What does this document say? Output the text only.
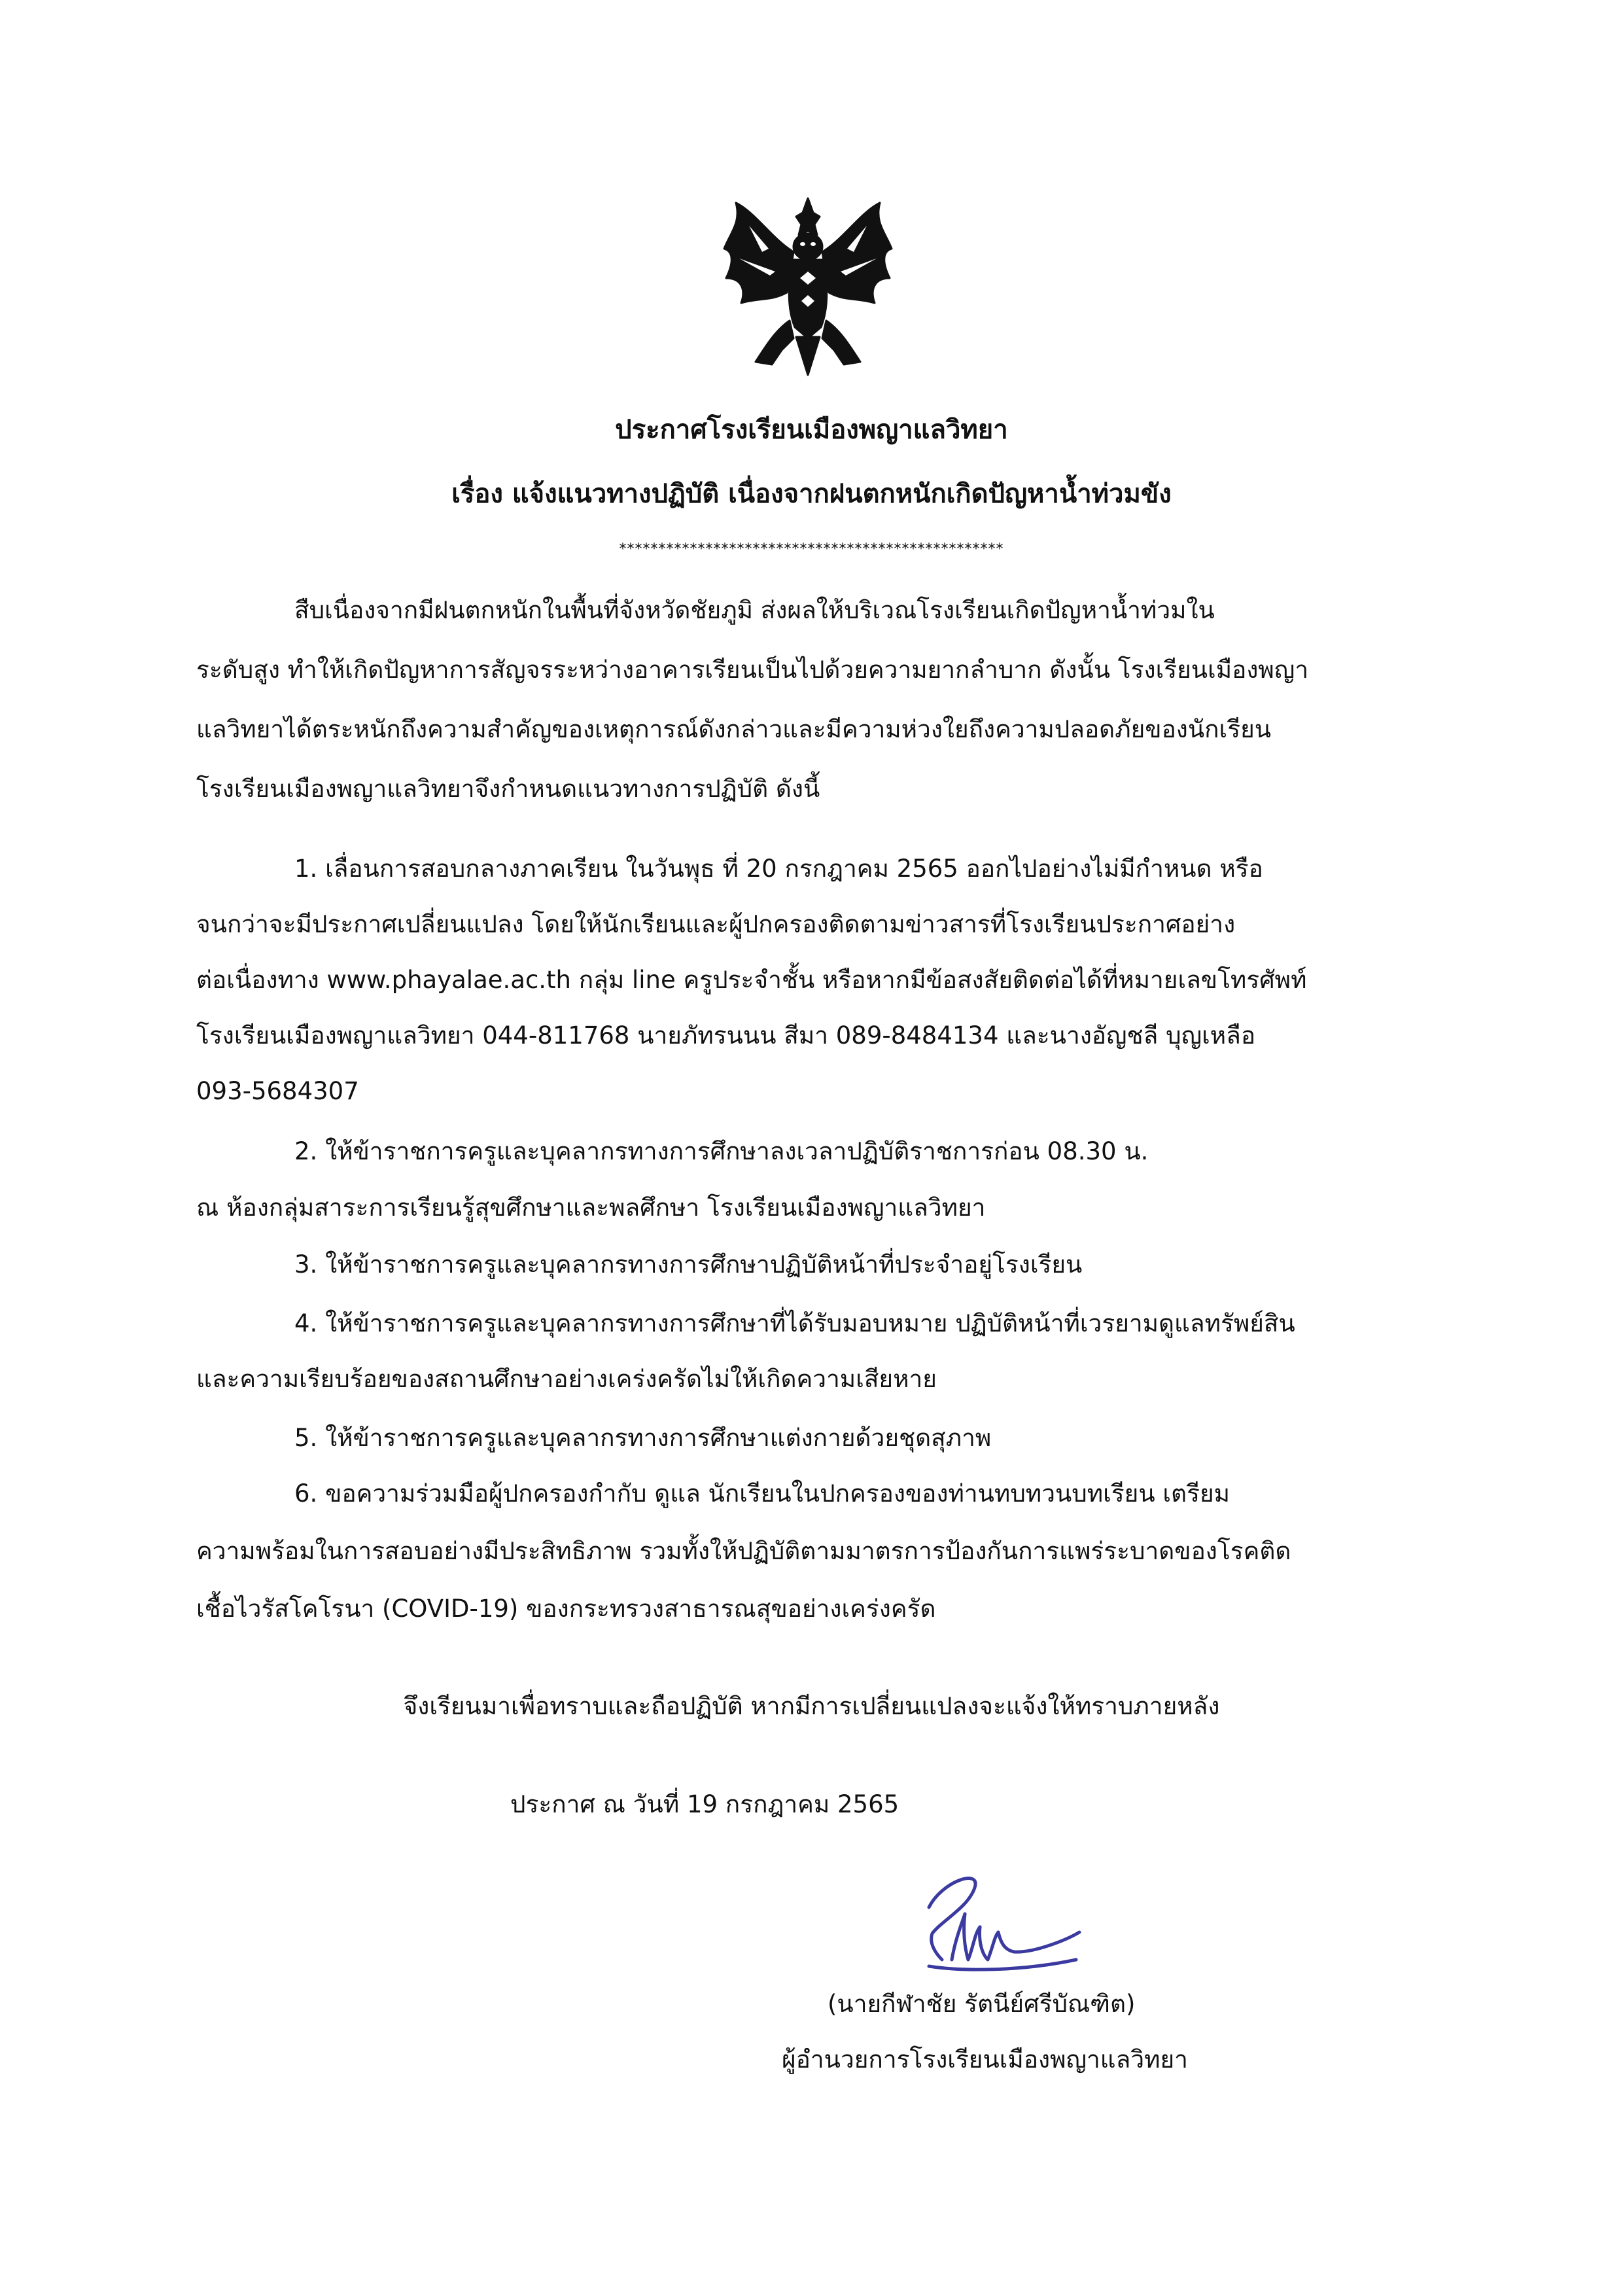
ประกาศโรงเรียนเมืองพญาแลวิทยา
เรื่อง แจ้งแนวทางปฏิบัติ เนื่องจากฝนตกหนักเกิดปัญหาน้ำท่วมขัง
*************************************************
สืบเนื่องจากมีฝนตกหนักในพื้นที่จังหวัดชัยภูมิ ส่งผลให้บริเวณโรงเรียนเกิดปัญหาน้ำท่วมใน
ระดับสูง ทำให้เกิดปัญหาการสัญจรระหว่างอาคารเรียนเป็นไปด้วยความยากลำบาก ดังนั้น โรงเรียนเมืองพญา
แลวิทยาได้ตระหนักถึงความสำคัญของเหตุการณ์ดังกล่าวและมีความห่วงใยถึงความปลอดภัยของนักเรียน
โรงเรียนเมืองพญาแลวิทยาจึงกำหนดแนวทางการปฏิบัติ ดังนี้
1. เลื่อนการสอบกลางภาคเรียน ในวันพุธ ที่ 20 กรกฎาคม 2565 ออกไปอย่างไม่มีกำหนด หรือ
จนกว่าจะมีประกาศเปลี่ยนแปลง โดยให้นักเรียนและผู้ปกครองติดตามข่าวสารที่โรงเรียนประกาศอย่าง
ต่อเนื่องทาง www.phayalae.ac.th กลุ่ม line ครูประจำชั้น หรือหากมีข้อสงสัยติดต่อได้ที่หมายเลขโทรศัพท์
โรงเรียนเมืองพญาแลวิทยา 044-811768 นายภัทรนนน สีมา 089-8484134 และนางอัญชลี บุญเหลือ
093-5684307
2. ให้ข้าราชการครูและบุคลากรทางการศึกษาลงเวลาปฏิบัติราชการก่อน 08.30 น.
ณ ห้องกลุ่มสาระการเรียนรู้สุขศึกษาและพลศึกษา โรงเรียนเมืองพญาแลวิทยา
3. ให้ข้าราชการครูและบุคลากรทางการศึกษาปฏิบัติหน้าที่ประจำอยู่โรงเรียน
4. ให้ข้าราชการครูและบุคลากรทางการศึกษาที่ได้รับมอบหมาย ปฏิบัติหน้าที่เวรยามดูแลทรัพย์สิน
และความเรียบร้อยของสถานศึกษาอย่างเคร่งครัดไม่ให้เกิดความเสียหาย
5. ให้ข้าราชการครูและบุคลากรทางการศึกษาแต่งกายด้วยชุดสุภาพ
6. ขอความร่วมมือผู้ปกครองกำกับ ดูแล นักเรียนในปกครองของท่านทบทวนบทเรียน เตรียม
ความพร้อมในการสอบอย่างมีประสิทธิภาพ รวมทั้งให้ปฏิบัติตามมาตรการป้องกันการแพร่ระบาดของโรคติด
เชื้อไวรัสโคโรนา (COVID-19) ของกระทรวงสาธารณสุขอย่างเคร่งครัด
จึงเรียนมาเพื่อทราบและถือปฏิบัติ หากมีการเปลี่ยนแปลงจะแจ้งให้ทราบภายหลัง
ประกาศ ณ วันที่ 19 กรกฎาคม 2565
(นายกีฬาชัย รัตนีย์ศรีบัณฑิต)
ผู้อำนวยการโรงเรียนเมืองพญาแลวิทยา
